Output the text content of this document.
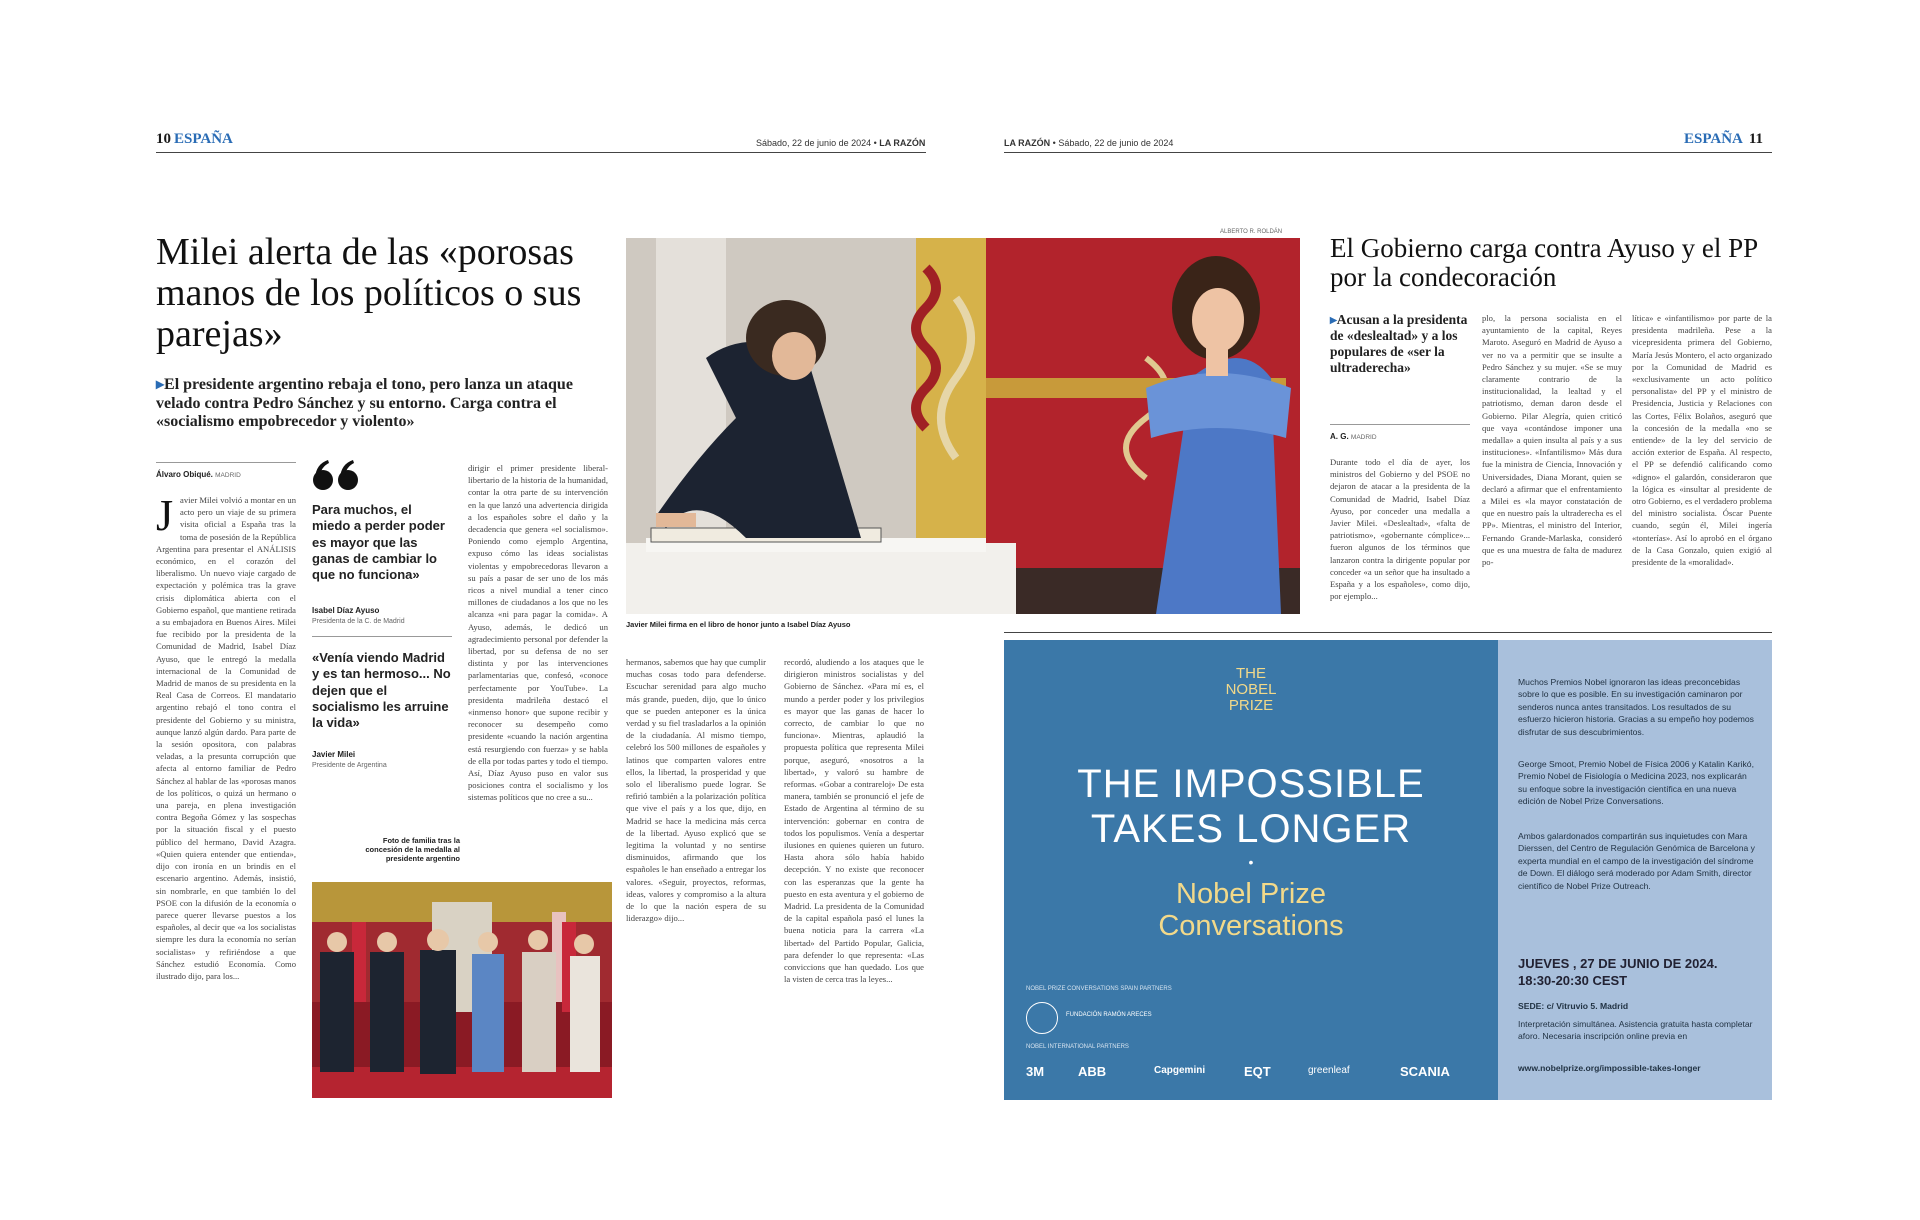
10 ESPAÑA	Sábado, 22 de junio de 2024 • LA RAZÓN	LA RAZÓN • Sábado, 22 de junio de 2024	ESPAÑA 11
Milei alerta de las «porosas manos de los políticos o sus parejas»
▸El presidente argentino rebaja el tono, pero lanza un ataque velado contra Pedro Sánchez y su entorno. Carga contra el «socialismo empobrecedor y violento»
Álvaro Obiqué. MADRID
J avier Milei volvió a montar en un acto pero un viaje de su primera visita oficial a España tras la toma de posesión de la República Argentina para presentar el ANÁLISIS económico, en el corazón del liberalismo. Un nuevo viaje cargado de expectación y polémica tras la grave crisis diplomática abierta con el Gobierno español, que mantiene retirada a su embajadora en Buenos Aires. Milei fue recibido por la presidenta de la Comunidad de Madrid, Isabel Díaz Ayuso, que le entregó la medalla internacional de la Comunidad de Madrid de manos de su presidenta en la Real Casa de Correos. El mandatario argentino rebajó el tono contra el presidente del Gobierno y su ministra, aunque lanzó algún dardo. Para parte de la sesión opositora, con palabras veladas, a la presunta corrupción que afecta al entorno familiar de Pedro Sánchez al hablar de las «porosas manos de los políticos, o quizá un hermano o una pareja, en plena investigación contra Begoña Gómez y las sospechas por la situación fiscal y el puesto público del hermano, David Azagra. «Quien quiera entender que entienda», dijo con ironía en un brindis en el escenario argentino. Además, insistió, sin nombrarle, en que también lo del PSOE con la difusión de la economía o parece querer llevarse puestos a los españoles, al decir que «a los socialistas siempre les dura la economía no serían socialistas» y refiriéndose a que Sánchez estudió Economía. Como ilustrado dijo, para los...
Para muchos, el miedo a perder poder es mayor que las ganas de cambiar lo que no funciona»
Isabel Díaz Ayuso
Presidenta de la C. de Madrid
«Venía viendo Madrid y es tan hermoso... No dejen que el socialismo les arruine la vida»
Javier Milei
Presidente de Argentina
Foto de familia tras la concesión de la medalla al presidente argentino
dirigir el primer presidente liberal-libertario de la historia de la humanidad, contar la otra parte de su intervención en la que lanzó una advertencia dirigida a los españoles sobre el daño y la decadencia que genera «el socialismo». Poniendo como ejemplo Argentina, expuso cómo las ideas socialistas violentas y empobrecedoras llevaron a su país a pasar de ser uno de los más ricos a nivel mundial a tener cinco millones de ciudadanos a los que no les alcanza «ni para pagar la comida». A Ayuso, además, le dedicó un agradecimiento personal por defender la libertad, por su defensa de no ser distinta y por las intervenciones parlamentarias que, confesó, «conoce perfectamente por YouTube». La presidenta madrileña destacó el «inmenso honor» que supone recibir y reconocer su desempeño como presidente «cuando la nación argentina está resurgiendo con fuerza» y se habla de ella por todas partes y todo el tiempo. Así, Díaz Ayuso puso en valor sus posiciones contra el socialismo y los sistemas políticos que no cree a su...
ALBERTO R. ROLDÁN
Javier Milei firma en el libro de honor junto a Isabel Díaz Ayuso
hermanos, sabemos que hay que cumplir muchas cosas todo para defenderse. Escuchar serenidad para algo mucho más grande, pueden, dijo, que lo único que se pueden anteponer es la única verdad y su fiel trasladarlos a la opinión de la ciudadanía. Al mismo tiempo, celebró los 500 millones de españoles y latinos que comparten valores entre ellos, la libertad, la prosperidad y que solo el liberalismo puede lograr. Se refirió también a la polarización política que vive el país y a los que, dijo, en Madrid se hace la medicina más cerca de la libertad. Ayuso explicó que se legitima la voluntad y no sentirse disminuidos, afirmando que los españoles le han enseñado a entregar los valores. «Seguir, proyectos, reformas, ideas, valores y compromiso a la altura de lo que la nación espera de su liderazgo» dijo...
recordó, aludiendo a los ataques que le dirigieron ministros socialistas y del Gobierno de Sánchez. «Para mí es, el mundo a perder poder y los privilegios es mayor que las ganas de hacer lo correcto, de cambiar lo que no funciona». Mientras, aplaudió la propuesta política que representa Milei porque, aseguró, «nosotros a la libertad», y valoró su hambre de reformas. «Gobar a contrareloj» De esta manera, también se pronunció el jefe de Estado de Argentina al término de su intervención: gobernar en contra de todos los populismos. Venía a despertar ilusiones en quienes quieren un futuro. Hasta ahora sólo había habido decepción. Y no existe que reconocer con las esperanzas que la gente ha puesto en esta aventura y el gobierno de Madrid. La presidenta de la Comunidad de la capital española pasó el lunes la buena noticia para la carrera «La libertad» del Partido Popular, Galicia, para defender lo que representa: «Las conviccions que han quedado. Los que la visten de cerca tras la leyes...
El Gobierno carga contra Ayuso y el PP por la condecoración
▸Acusan a la presidenta de «deslealtad» y a los populares de «ser la ultraderecha»
A. G. MADRID
Durante todo el día de ayer, los ministros del Gobierno y del PSOE no dejaron de atacar a la presidenta de la Comunidad de Madrid, Isabel Díaz Ayuso, por conceder una medalla a Javier Milei. «Deslealtad», «falta de patriotismo», «gobernante cómplice»... fueron algunos de los términos que lanzaron contra la dirigente popular por conceder «a un señor que ha insultado a España y a los españoles», como dijo, por ejemplo...
plo, la persona socialista en el ayuntamiento de la capital, Reyes Maroto. Aseguró en Madrid de Ayuso a ver no va a permitir que se insulte a Pedro Sánchez y su mujer. «Se se muy claramente contrario de la institucionalidad, la lealtad y el patriotismo, deman daron desde el Gobierno. Pilar Alegría, quien criticó que vaya «contándose imponer una medalla» a quien insulta al país y a sus instituciones». «Infantilismo» Más dura fue la ministra de Ciencia, Innovación y Universidades, Diana Morant, quien se declaró a afirmar que el enfrentamiento a Milei es «la mayor constatación de que en nuestro país la ultraderecha es el PP». Mientras, el ministro del Interior, Fernando Grande-Marlaska, consideró que es una muestra de falta de madurez po-
lítica» e «infantilismo» por parte de la presidenta madrileña. Pese a la vicepresidenta primera del Gobierno, María Jesús Montero, el acto organizado por la Comunidad de Madrid es «exclusivamente un acto político personalista» del PP y el ministro de Presidencia, Justicia y Relaciones con las Cortes, Félix Bolaños, aseguró que la concesión de la medalla «no se entiende» de la ley del servicio de acción exterior de España. Al respecto, el PP se defendió calificando como «digno» el galardón, consideraron que la lógica es «insultar al presidente de otro Gobierno, es el verdadero problema del ministro socialista. Óscar Puente cuando, según él, Milei ingería «tonterías». Así lo aprobó en el órgano de la Casa Gonzalo, quien exigió al presidente de la «moralidad».
THE
NOBEL
PRIZE
THE IMPOSSIBLE
TAKES LONGER
•
Nobel Prize
Conversations
NOBEL PRIZE CONVERSATIONS SPAIN PARTNERS
FUNDACIÓN RAMÓN ARECES
NOBEL INTERNATIONAL PARTNERS
3M	ABB	Capgemini	EQT	greenleaf	SCANIA
Muchos Premios Nobel ignoraron las ideas preconcebidas sobre lo que es posible. En su investigación caminaron por senderos nunca antes transitados. Los resultados de su esfuerzo hicieron historia. Gracias a su empeño hoy podemos disfrutar de sus descubrimientos.
George Smoot, Premio Nobel de Física 2006 y Katalin Karikó, Premio Nobel de Fisiología o Medicina 2023, nos explicarán su enfoque sobre la investigación científica en una nueva edición de Nobel Prize Conversations.
Ambos galardonados compartirán sus inquietudes con Mara Dierssen, del Centro de Regulación Genómica de Barcelona y experta mundial en el campo de la investigación del síndrome de Down. El diálogo será moderado por Adam Smith, director científico de Nobel Prize Outreach.
JUEVES , 27 DE JUNIO DE 2024.
18:30-20:30 CEST
SEDE: c/ Vitruvio 5. Madrid
Interpretación simultánea. Asistencia gratuita hasta completar aforo. Necesaria inscripción online previa en
www.nobelprize.org/impossible-takes-longer
